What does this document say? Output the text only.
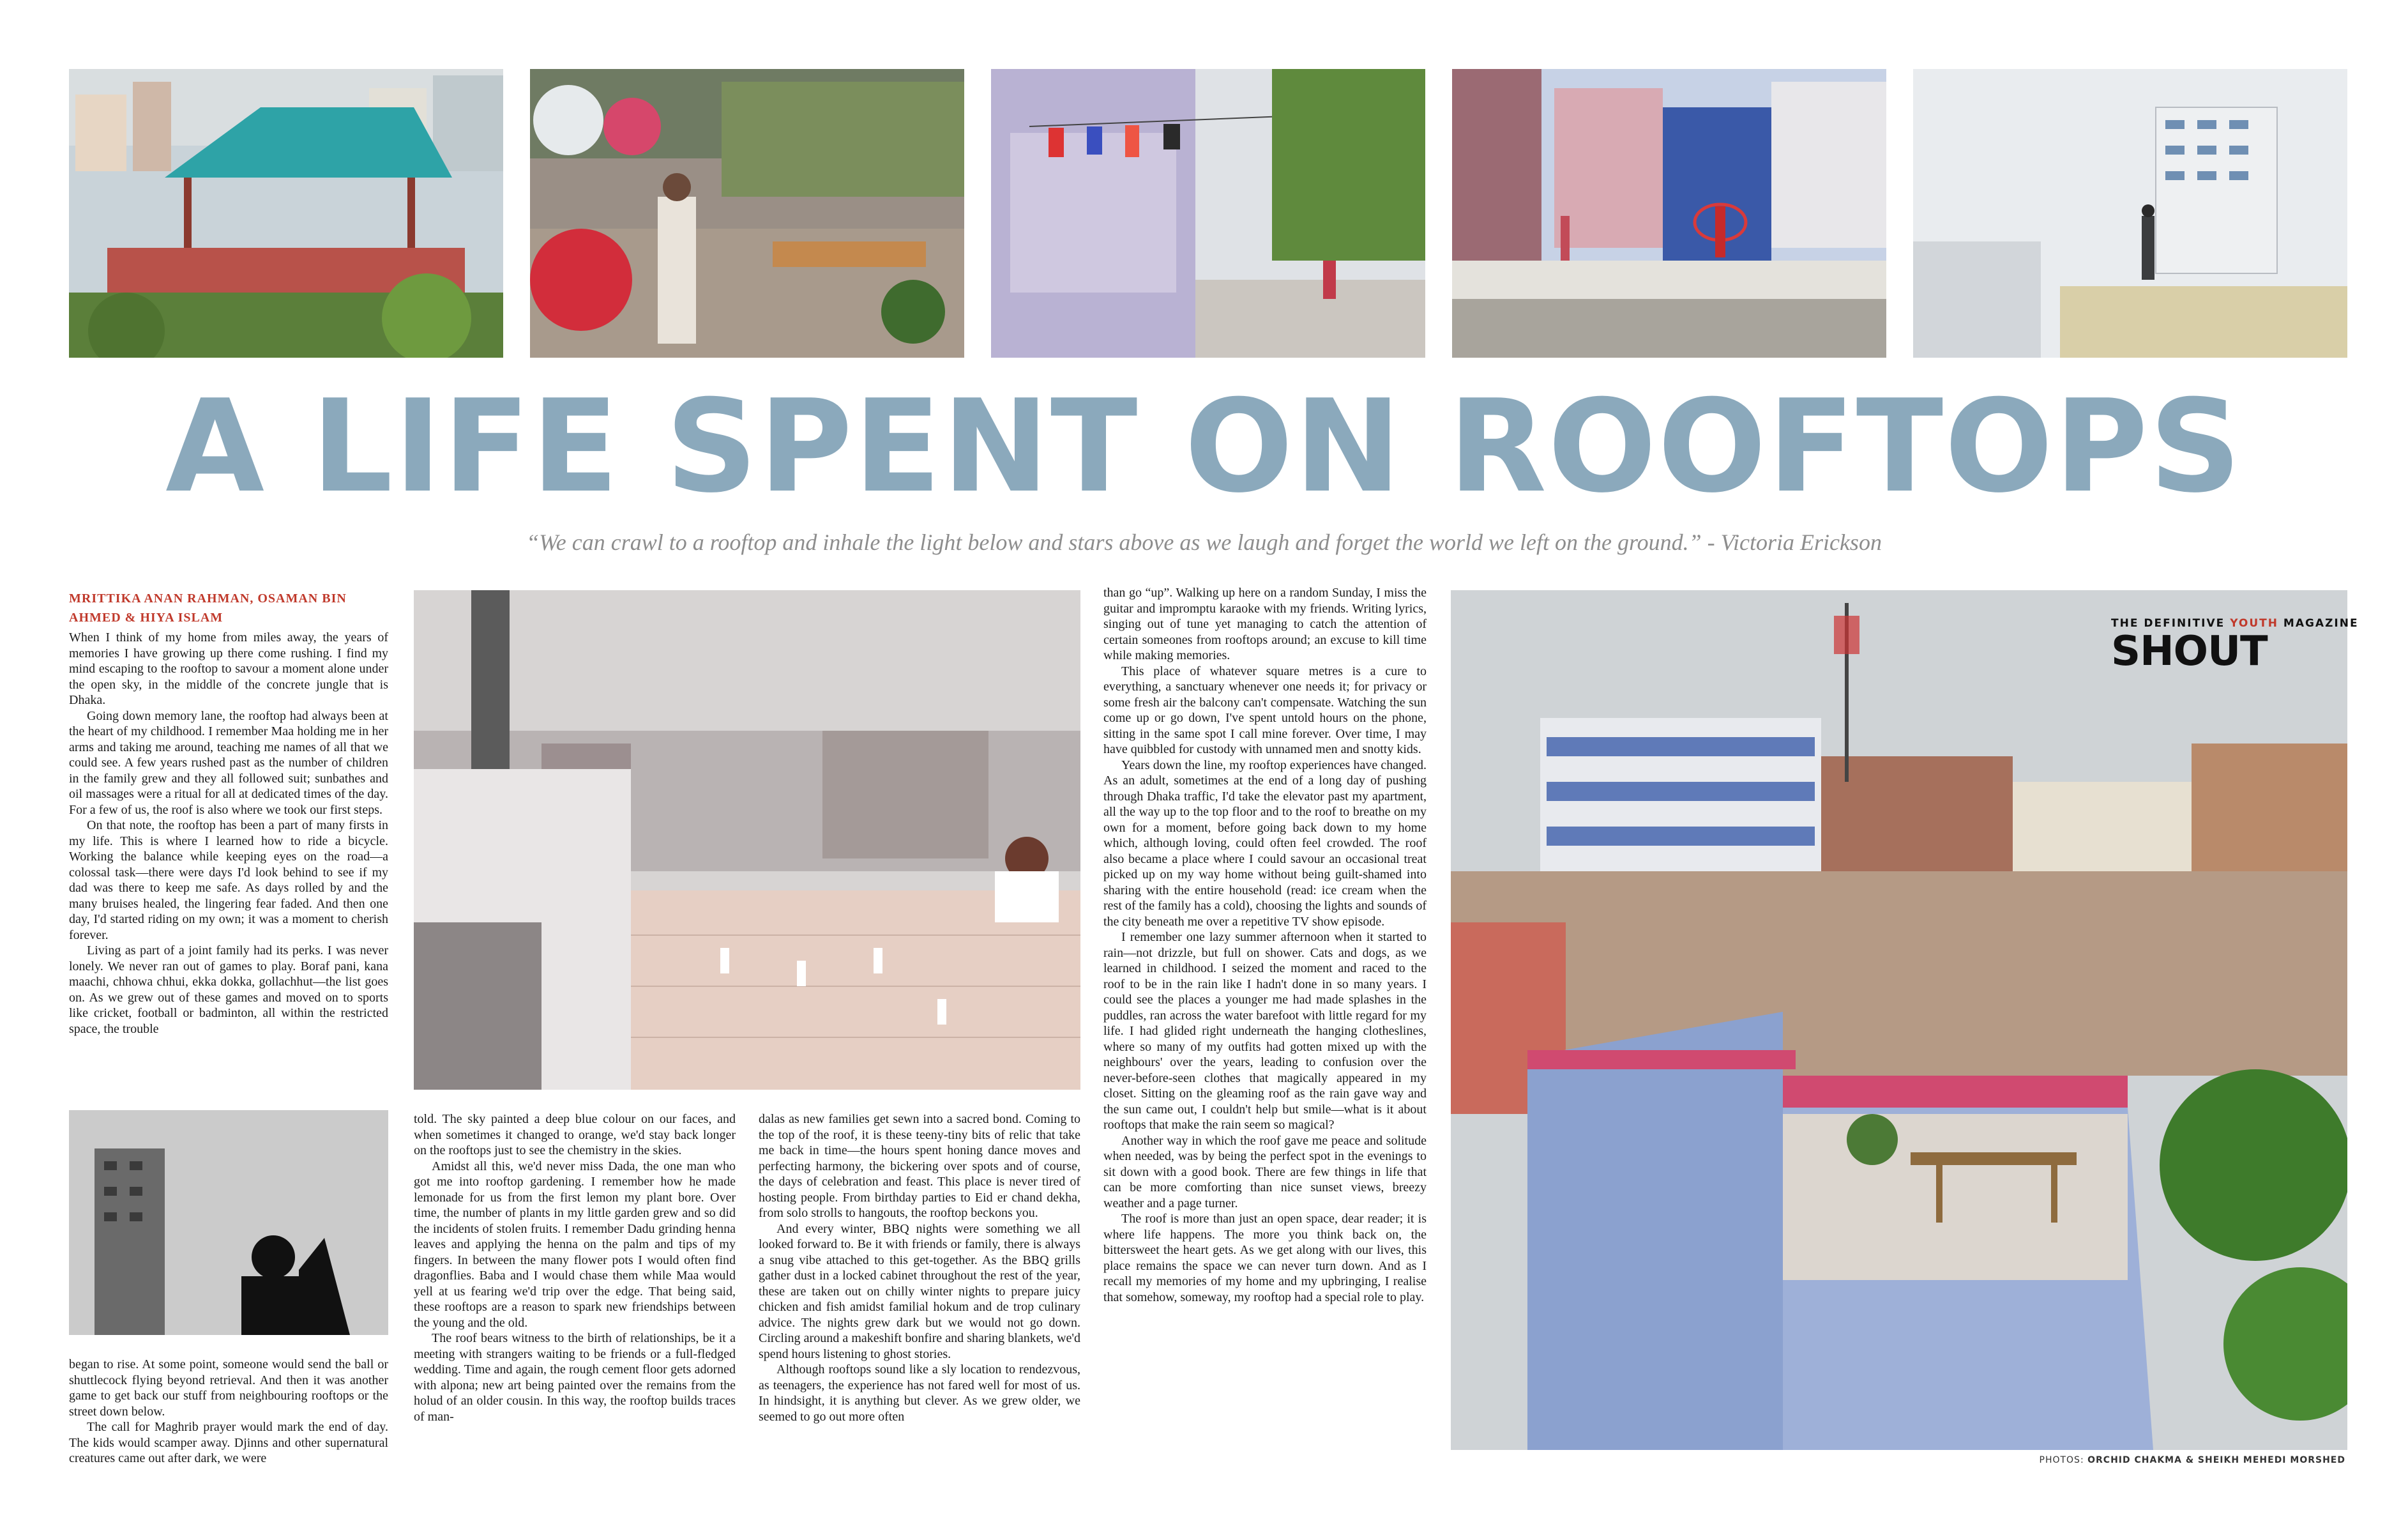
A LIFE SPENT ON ROOFTOPS

“We can crawl to a rooftop and inhale the light below and stars above as we laugh and forget the world we left on the ground.” - Victoria Erickson

MRITTIKA ANAN RAHMAN, OSAMAN BIN AHMED & HIYA ISLAM

When I think of my home from miles away, the years of memories I have growing up there come rushing. I find my mind escaping to the rooftop to savour a moment alone under the open sky, in the middle of the concrete jungle that is Dhaka.

Going down memory lane, the rooftop had always been at the heart of my childhood. I remember Maa holding me in her arms and taking me around, teaching me names of all that we could see. A few years rushed past as the number of children in the family grew and they all followed suit; sunbathes and oil massages were a ritual for all at dedicated times of the day. For a few of us, the roof is also where we took our first steps.

On that note, the rooftop has been a part of many firsts in my life. This is where I learned how to ride a bicycle. Working the balance while keeping eyes on the road—a colossal task—there were days I'd look behind to see if my dad was there to keep me safe. As days rolled by and the many bruises healed, the lingering fear faded. And then one day, I'd started riding on my own; it was a moment to cherish forever.

Living as part of a joint family had its perks. I was never lonely. We never ran out of games to play. Boraf pani, kana maachi, chhowa chhui, ekka dokka, gollachhut—the list goes on. As we grew out of these games and moved on to sports like cricket, football or badminton, all within the restricted space, the trouble

began to rise. At some point, someone would send the ball or shuttlecock flying beyond retrieval. And then it was another game to get back our stuff from neighbouring rooftops or the street down below.

The call for Maghrib prayer would mark the end of day. The kids would scamper away. Djinns and other supernatural creatures came out after dark, we were

told. The sky painted a deep blue colour on our faces, and when sometimes it changed to orange, we'd stay back longer on the rooftops just to see the chemistry in the skies.

Amidst all this, we'd never miss Dada, the one man who got me into rooftop gardening. I remember how he made lemonade for us from the first lemon my plant bore. Over time, the number of plants in my little garden grew and so did the incidents of stolen fruits. I remember Dadu grinding henna leaves and applying the henna on the palm and tips of my fingers. In between the many flower pots I would often find dragonflies. Baba and I would chase them while Maa would yell at us fearing we'd trip over the edge. That being said, these rooftops are a reason to spark new friendships between the young and the old.

The roof bears witness to the birth of relationships, be it a meeting with strangers waiting to be friends or a full-fledged wedding. Time and again, the rough cement floor gets adorned with alpona; new art being painted over the remains from the holud of an older cousin. In this way, the rooftop builds traces of man-

dalas as new families get sewn into a sacred bond. Coming to the top of the roof, it is these teeny-tiny bits of relic that take me back in time—the hours spent honing dance moves and perfecting harmony, the bickering over spots and of course, the days of celebration and feast. This place is never tired of hosting people. From birthday parties to Eid er chand dekha, from solo strolls to hangouts, the rooftop beckons you.

And every winter, BBQ nights were something we all looked forward to. Be it with friends or family, there is always a snug vibe attached to this get-together. As the BBQ grills gather dust in a locked cabinet throughout the rest of the year, these are taken out on chilly winter nights to prepare juicy chicken and fish amidst familial hokum and de trop culinary advice. The nights grew dark but we would not go down. Circling around a makeshift bonfire and sharing blankets, we'd spend hours listening to ghost stories.

Although rooftops sound like a sly location to rendezvous, as teenagers, the experience has not fared well for most of us. In hindsight, it is anything but clever. As we grew older, we seemed to go out more often

than go “up”. Walking up here on a random Sunday, I miss the guitar and impromptu karaoke with my friends. Writing lyrics, singing out of tune yet managing to catch the attention of certain someones from rooftops around; an excuse to kill time while making memories.

This place of whatever square metres is a cure to everything, a sanctuary whenever one needs it; for privacy or some fresh air the balcony can't compensate. Watching the sun come up or go down, I've spent untold hours on the phone, sitting in the same spot I call mine forever. Over time, I may have quibbled for custody with unnamed men and snotty kids.

Years down the line, my rooftop experiences have changed. As an adult, sometimes at the end of a long day of pushing through Dhaka traffic, I'd take the elevator past my apartment, all the way up to the top floor and to the roof to breathe on my own for a moment, before going back down to my home which, although loving, could often feel crowded. The roof also became a place where I could savour an occasional treat picked up on my way home without being guilt-shamed into sharing with the entire household (read: ice cream when the rest of the family has a cold), choosing the lights and sounds of the city beneath me over a repetitive TV show episode.

I remember one lazy summer afternoon when it started to rain—not drizzle, but full on shower. Cats and dogs, as we learned in childhood. I seized the moment and raced to the roof to be in the rain like I hadn't done in so many years. I could see the places a younger me had made splashes in the puddles, ran across the water barefoot with little regard for my life. I had glided right underneath the hanging clotheslines, where so many of my outfits had gotten mixed up with the neighbours' over the years, leading to confusion over the never-before-seen clothes that magically appeared in my closet. Sitting on the gleaming roof as the rain gave way and the sun came out, I couldn't help but smile—what is it about rooftops that make the rain seem so magical?

Another way in which the roof gave me peace and solitude when needed, was by being the perfect spot in the evenings to sit down with a good book. There are few things in life that can be more comforting than nice sunset views, breezy weather and a page turner.

The roof is more than just an open space, dear reader; it is where life happens. The more you think back on, the bittersweet the heart gets. As we get along with our lives, this place remains the space we can never turn down. And as I recall my memories of my home and my upbringing, I realise that somehow, someway, my rooftop had a special role to play.

THE DEFINITIVE YOUTH MAGAZINE
SHOUT
PHOTOS: ORCHID CHAKMA & SHEIKH MEHEDI MORSHED
